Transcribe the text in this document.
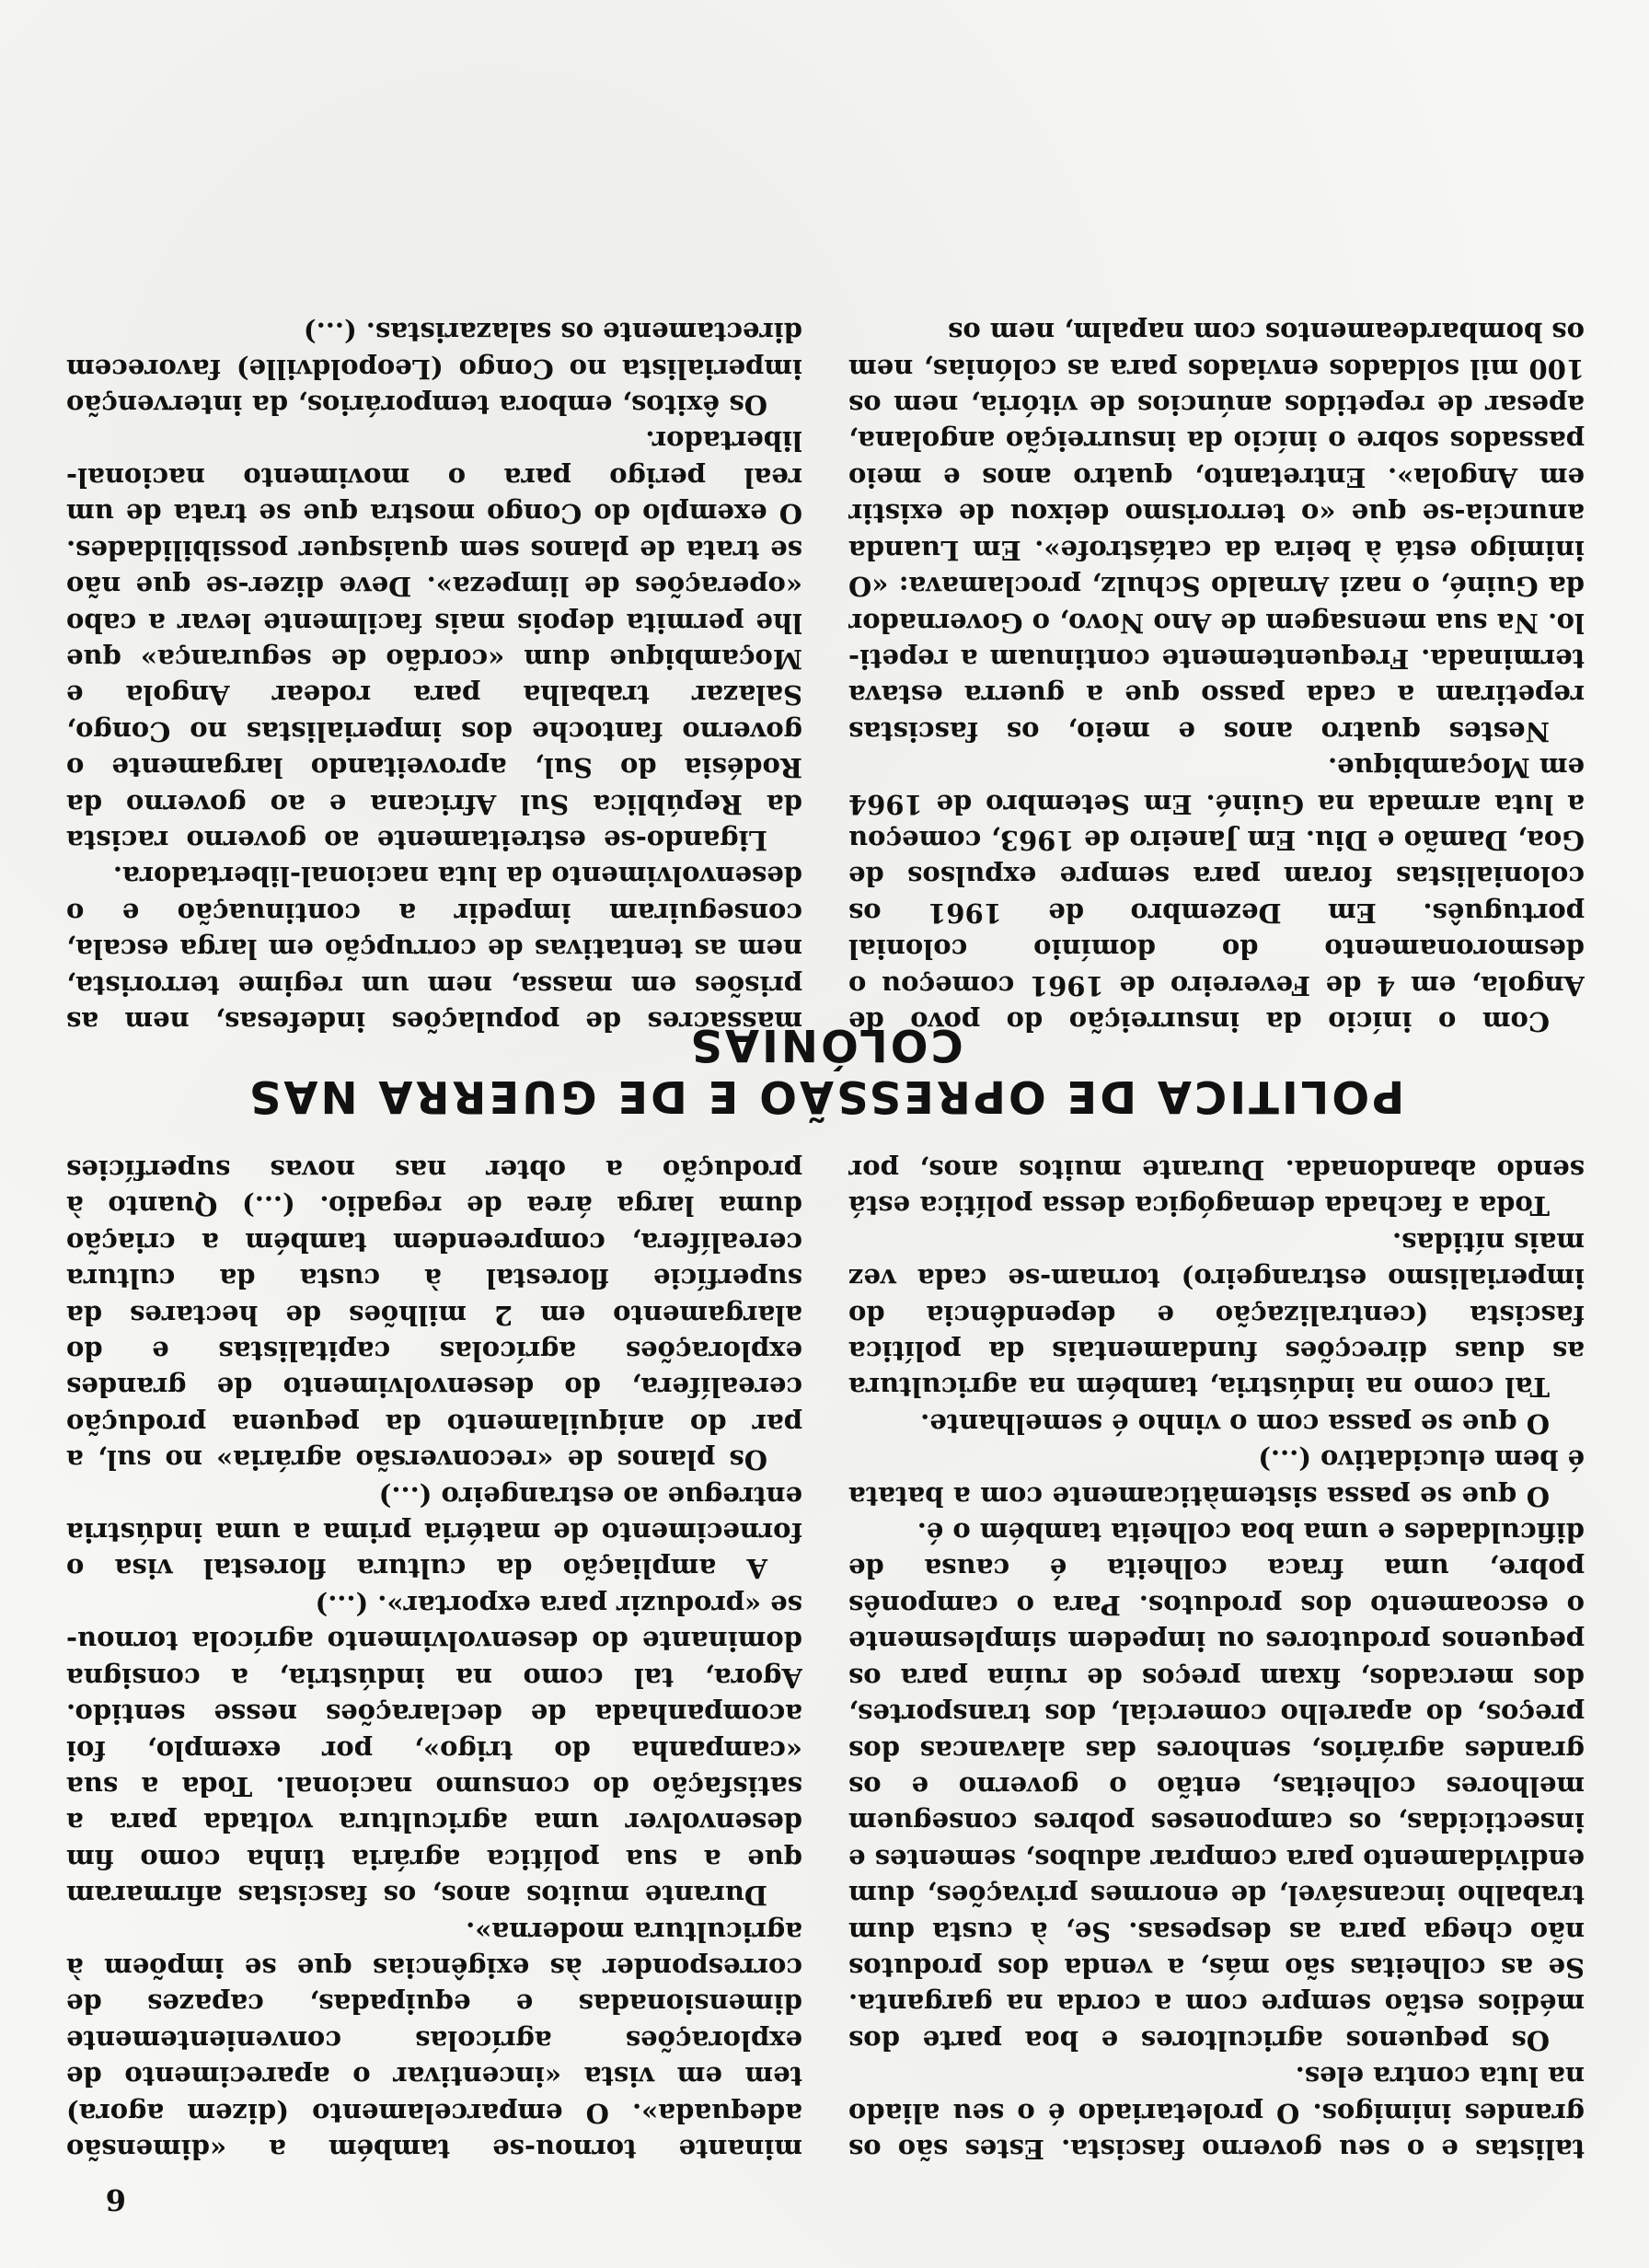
6

talistas e o seu governo fascista. Estes são os grandes inimigos. O proletariado é o seu aliado na luta contra eles.

Os pequenos agricultores e boa parte dos médios estão sempre com a corda na garganta. Se as colheitas são más, a venda dos produtos não chega para as despesas. Se, à custa dum trabalho incansável, de enormes privações, dum endividamento para comprar adubos, sementes e insecticidas, os camponeses pobres conseguem melhores colheitas, então o governo e os grandes agrários, senhores das alavancas dos preços, do aparelho comercial, dos transportes, dos mercados, fixam preços de ruína para os pequenos produtores ou impedem simplesmente o escoamento dos produtos. Para o camponês pobre, uma fraca colheita é causa de dificuldades e uma boa colheita também o é.

O que se passa sistemàticamente com a batata é bem elucidativo (...)

O que se passa com o vinho é semelhante.

Tal como na indústria, também na agricultura as duas direcções fundamentais da política fascista (centralização e dependência do imperialismo estrangeiro) tornam-se cada vez mais nítidas.

Toda a fachada demagógica dessa política está sendo abandonada. Durante muitos anos, por

minante tornou-se também a «dimensão adequada». O emparcelamento (dizem agora) tem em vista «incentivar o aparecimento de explorações agrícolas convenientemente dimensionadas e equipadas, capazes de corresponder às exigências que se impõem à agricultura moderna».

Durante muitos anos, os fascistas afirmaram que a sua política agrária tinha como fim desenvolver uma agricultura voltada para a satisfação do consumo nacional. Toda a sua «campanha do trigo», por exemplo, foi acompanhada de declarações nesse sentido. Agora, tal como na indústria, a consigna dominante do desenvolvimento agrícola tornou-se «produzir para exportar». (...)

A ampliação da cultura florestal visa o fornecimento de matéria prima a uma indústria entregue ao estrangeiro (...)

Os planos de «reconversão agrária» no sul, a par do aniquilamento da pequena produção cerealífera, do desenvolvimento de grandes explorações agrícolas capitalistas e do alargamento em 2 milhões de hectares da superfície florestal à custa da cultura cerealífera, compreendem também a criação duma larga área de regadio. (...) Quanto à produção a obter nas novas superfícies

POLITICA DE OPRESSÃO E DE GUERRA NAS COLÓNIAS

Com o início da insurreição do povo de Angola, em 4 de Fevereiro de 1961 começou o desmoronamento do domínio colonial português. Em Dezembro de 1961 os colonialistas foram para sempre expulsos de Goa, Damão e Diu. Em Janeiro de 1963, começou a luta armada na Guiné. Em Setembro de 1964 em Moçambique.

Nestes quatro anos e meio, os fascistas repetiram a cada passo que a guerra estava terminada. Frequentemente continuam a repeti-lo. Na sua mensagem de Ano Novo, o Governador da Guiné, o nazi Arnaldo Schulz, proclamava: «O inimigo está à beira da catástrofe». Em Luanda anuncia-se que «o terrorismo deixou de existir em Angola». Entretanto, quatro anos e meio passados sobre o início da insurreição angolana, apesar de repetidos anúncios de vitória, nem os 100 mil soldados enviados para as colónias, nem os bombardeamentos com napalm, nem os

massacres de populações indefesas, nem as prisões em massa, nem um regime terrorista, nem as tentativas de corrupção em larga escala, conseguiram impedir a continuação e o desenvolvimento da luta nacional-libertadora.

Ligando-se estreitamente ao governo racista da República Sul Africana e ao governo da Rodésia do Sul, aproveitando largamente o governo fantoche dos imperialistas no Congo, Salazar trabalha para rodear Angola e Moçambique dum «cordão de segurança» que lhe permita depois mais facilmente levar a cabo «operações de limpeza». Deve dizer-se que não se trata de planos sem quaisquer possibilidades. O exemplo do Congo mostra que se trata de um real perigo para o movimento nacional-libertador.

Os êxitos, embora temporários, da intervenção imperialista no Congo (Leopoldville) favorecem directamente os salazaristas. (...)
